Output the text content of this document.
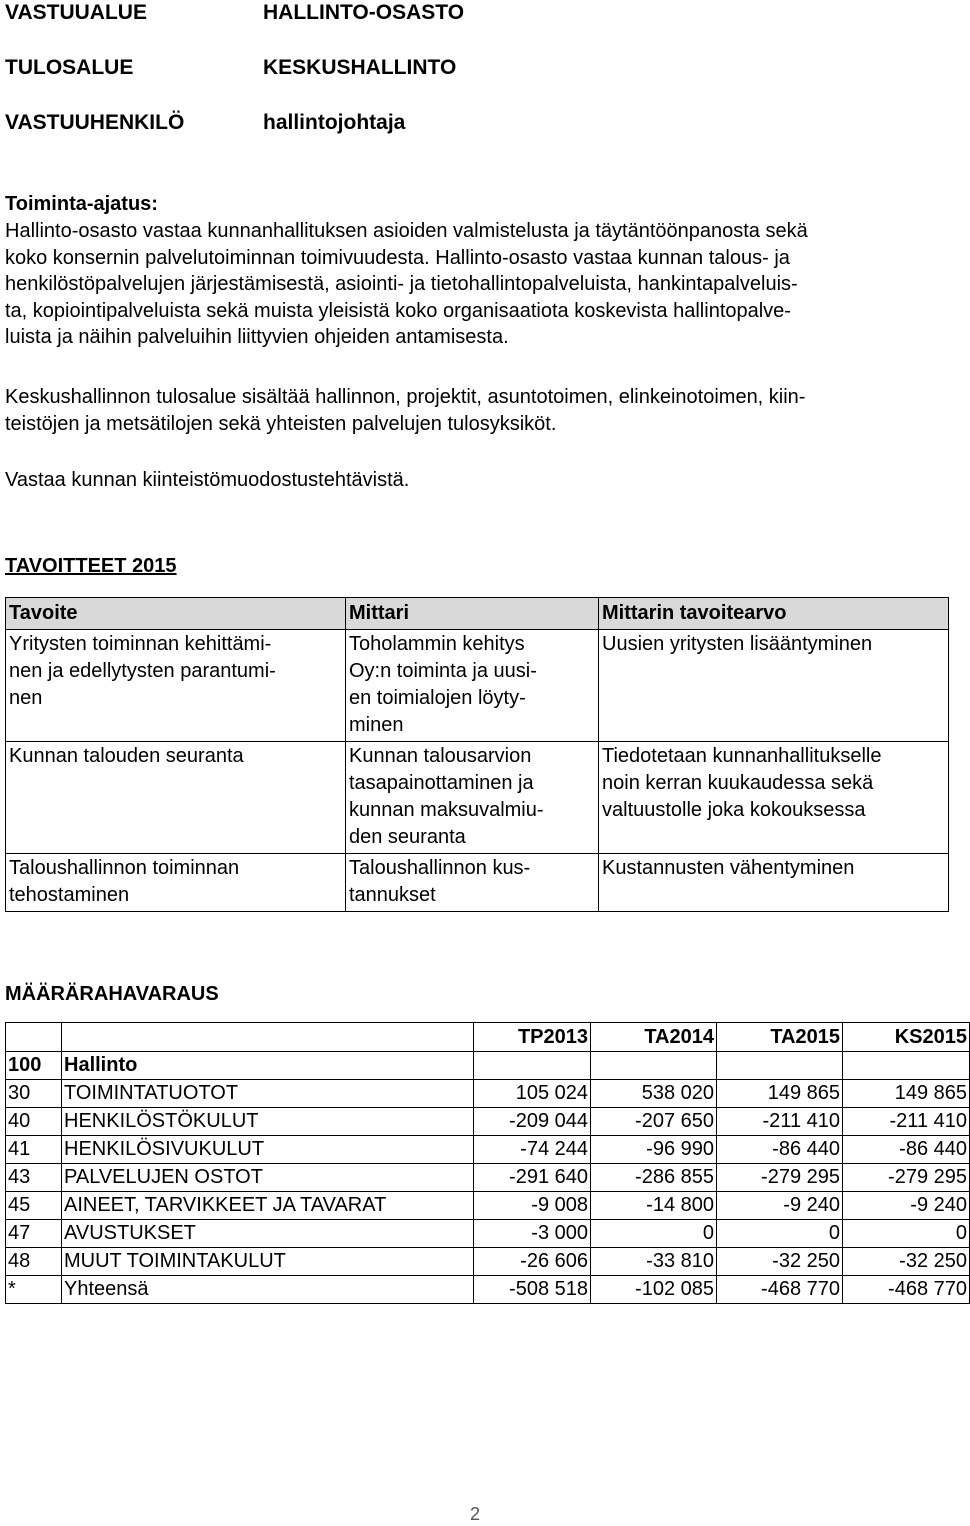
VASTUUALUE	HALLINTO-OSASTO
TULOSALUE	KESKUSHALLINTO
VASTUUHENKILÖ	hallintojohtaja
Toiminta-ajatus:
Hallinto-osasto vastaa kunnanhallituksen asioiden valmistelusta ja täytäntöönpanosta sekä
koko konsernin palvelutoiminnan toimivuudesta. Hallinto-osasto vastaa kunnan talous- ja
henkilöstöpalvelujen järjestämisestä, asiointi- ja tietohallintopalveluista, hankintapalveluis-
ta, kopiointipalveluista sekä muista yleisistä koko organisaatiota koskevista hallintopalve-
luista ja näihin palveluihin liittyvien ohjeiden antamisesta.
Keskushallinnon tulosalue sisältää hallinnon, projektit, asuntotoimen, elinkeinotoimen, kiin-
teistöjen ja metsätilojen sekä yhteisten palvelujen tulosyksiköt.
Vastaa kunnan kiinteistömuodostustehtävistä.
TAVOITTEET 2015
Tavoite	Mittari	Mittarin tavoitearvo

Yritysten toiminnan kehittämi-
nen ja edellytysten parantumi-
nen	Toholammin kehitys
Oy:n toiminta ja uusi-
en toimialojen löyty-
minen	Uusien yritysten lisääntyminen

Kunnan talouden seuranta	Kunnan talousarvion
tasapainottaminen ja
kunnan maksuvalmiu-
den seuranta	Tiedotetaan kunnanhallitukselle
noin kerran kuukaudessa sekä
valtuustolle joka kokouksessa

Taloushallinnon toiminnan
tehostaminen	Taloushallinnon kus-
tannukset	Kustannusten vähentyminen
MÄÄRÄRAHAVARAUS
		TP2013	TA2014	TA2015	KS2015
100	Hallinto				
30	TOIMINTATUOTOT	105 024	538 020	149 865	149 865
40	HENKILÖSTÖKULUT	-209 044	-207 650	-211 410	-211 410
41	HENKILÖSIVUKULUT	-74 244	-96 990	-86 440	-86 440
43	PALVELUJEN OSTOT	-291 640	-286 855	-279 295	-279 295
45	AINEET, TARVIKKEET JA TAVARAT	-9 008	-14 800	-9 240	-9 240
47	AVUSTUKSET	-3 000	0	0	0
48	MUUT TOIMINTAKULUT	-26 606	-33 810	-32 250	-32 250
*	Yhteensä	-508 518	-102 085	-468 770	-468 770
2
